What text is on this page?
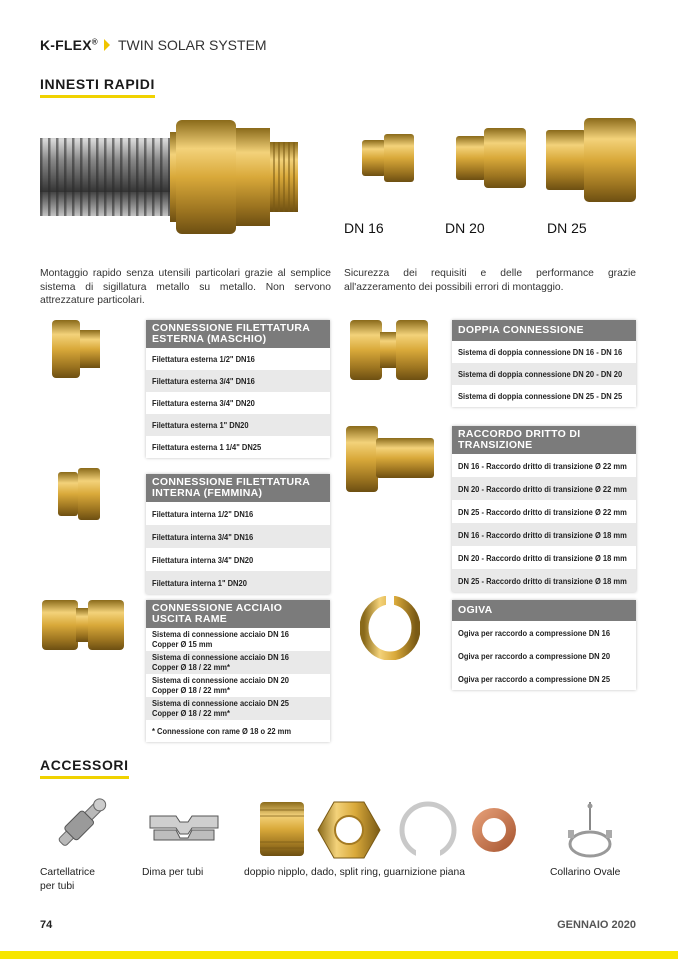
K-FLEX® TWIN SOLAR SYSTEM
INNESTI RAPIDI
DN 16	DN 20	DN 25
Montaggio rapido senza utensili particolari grazie al semplice sistema di sigillatura metallo su metallo. Non servono attrezzature particolari.
Sicurezza dei requisiti e delle performance grazie all'azzeramento dei possibili errori di montaggio.
CONNESSIONE FILETTATURA ESTERNA (MASCHIO)
Filettatura esterna 1/2" DN16
Filettatura esterna 3/4" DN16
Filettatura esterna 3/4" DN20
Filettatura esterna 1" DN20
Filettatura esterna 1 1/4" DN25
CONNESSIONE FILETTATURA INTERNA (FEMMINA)
Filettatura interna 1/2" DN16
Filettatura interna 3/4" DN16
Filettatura interna 3/4" DN20
Filettatura interna 1" DN20
CONNESSIONE ACCIAIO USCITA RAME
Sistema di connessione acciaio DN 16 Copper Ø 15 mm
Sistema di connessione acciaio DN 16 Copper Ø 18 / 22 mm*
Sistema di connessione acciaio DN 20 Copper Ø 18 / 22 mm*
Sistema di connessione acciaio DN 25 Copper Ø 18 / 22 mm*
* Connessione con rame Ø 18 o 22 mm
DOPPIA CONNESSIONE
Sistema di doppia connessione DN 16 - DN 16
Sistema di doppia connessione DN 20 - DN 20
Sistema di doppia connessione DN 25 - DN 25
RACCORDO DRITTO DI TRANSIZIONE
DN 16 - Raccordo dritto di transizione Ø 22 mm
DN 20 - Raccordo dritto di transizione Ø 22 mm
DN 25 - Raccordo dritto di transizione Ø 22 mm
DN 16 - Raccordo dritto di transizione Ø 18 mm
DN 20 - Raccordo dritto di transizione Ø 18 mm
DN 25 - Raccordo dritto di transizione Ø 18 mm
OGIVA
Ogiva per raccordo a compressione DN 16
Ogiva per raccordo a compressione DN 20
Ogiva per raccordo a compressione DN 25
ACCESSORI
Cartellatrice per tubi
Dima per tubi	doppio nipplo, dado, split ring, guarnizione piana	Collarino Ovale
74	GENNAIO 2020
